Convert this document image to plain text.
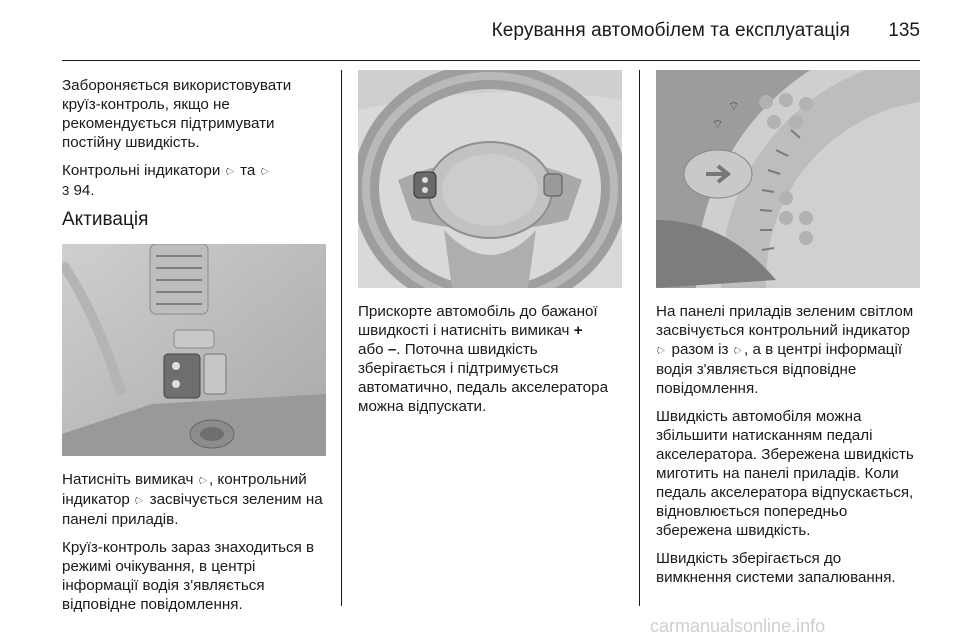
Керування автомобілем та експлуатація	135

Забороняється використовувати круїз-контроль, якщо не рекомендується підтримувати постійну швидкість.

Контрольні індикатори ⌔ та ⌔
3 94.

Активація

Натисніть вимикач ⌔, контрольний індикатор ⌔ засвічується зеленим на панелі приладів.

Круїз-контроль зараз знаходиться в режимі очікування, в центрі інформації водія з'являється відповідне повідомлення.

Прискорте автомобіль до бажаної швидкості і натисніть вимикач +
або –. Поточна швидкість зберігається і підтримується автоматично, педаль акселератора можна відпускати.

⌔
⌔

На панелі приладів зеленим світлом засвічується контрольний індикатор ⌔ разом із ⌔, а в центрі інформації водія з'являється відповідне повідомлення.

Швидкість автомобіля можна збільшити натисканням педалі акселератора. Збережена швидкість миготить на панелі приладів. Коли педаль акселератора відпускається, відновлюється попередньо збережена швидкість.

Швидкість зберігається до вимкнення системи запалювання.

carmanualsonline.info
